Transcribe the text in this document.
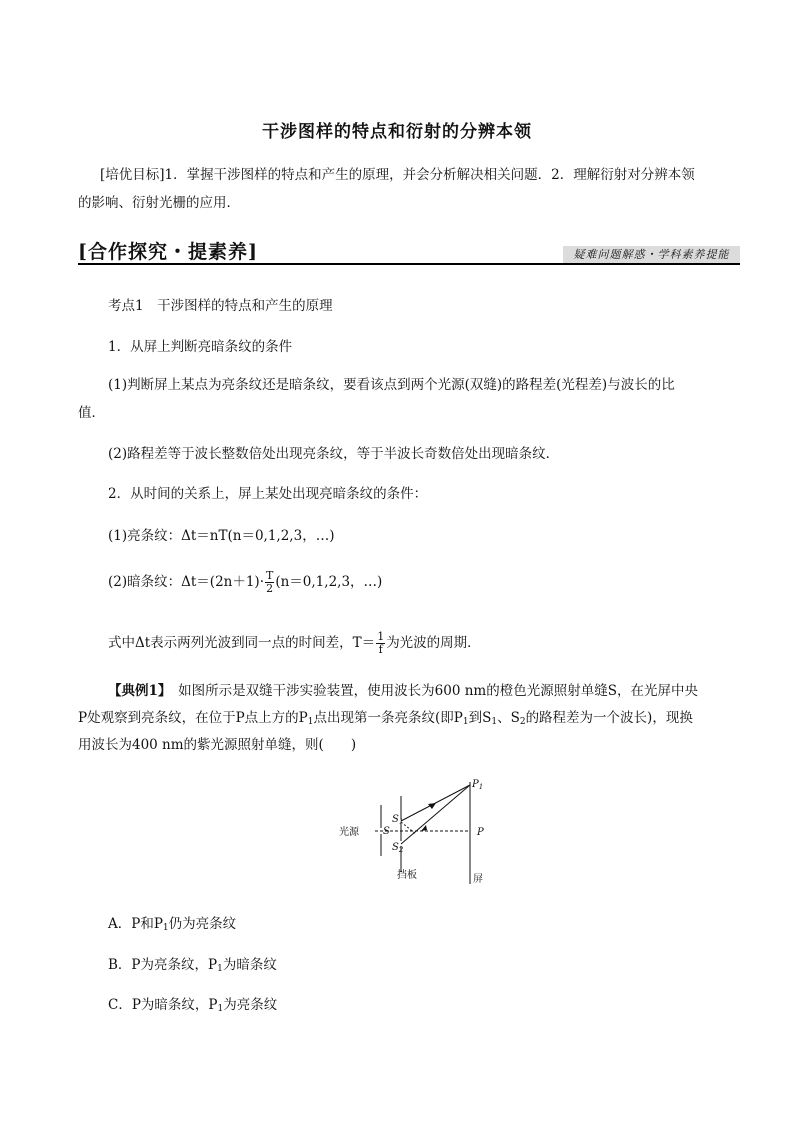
干涉图样的特点和衍射的分辨本领
[培优目标]1．掌握干涉图样的特点和产生的原理，并会分析解决相关问题．2．理解衍射对分辨本领
的影响、衍射光栅的应用．
[合作探究・提素养]	疑难问题解惑・学科素养提能
考点1　干涉图样的特点和产生的原理
1．从屏上判断亮暗条纹的条件
(1)判断屏上某点为亮条纹还是暗条纹，要看该点到两个光源(双缝)的路程差(光程差)与波长的比
值．
(2)路程差等于波长整数倍处出现亮条纹，等于半波长奇数倍处出现暗条纹．
2．从时间的关系上，屏上某处出现亮暗条纹的条件：
(1)亮条纹：Δt＝nT(n＝0,1,2,3，…)
(2)暗条纹：$\Delta t=(2n+1)\cdot \frac{T}{2} (n=0,1,2,3$，…)
式中Δt表示两列光波到同一点的时间差，$T= \frac{1}{f}$ 为光波的周期．
【典例1】　如图所示是双缝干涉实验装置，使用波长为600 nm的橙色光源照射单缝S，在光屏中央
P处观察到亮条纹，在位于P点上方的$P_1$点出现第一条亮条纹(即$P_1$到$S_1$、$S_2$的路程差为一个波长)，现换
用波长为400 nm的紫光源照射单缝，则(　　)
光源 S
$S_1$
$S_2$
P
$P_1$
挡板	屏
A．P和$P_1$仍为亮条纹
B．P为亮条纹，$P_1$为暗条纹
C．P为暗条纹，$P_1$为亮条纹
